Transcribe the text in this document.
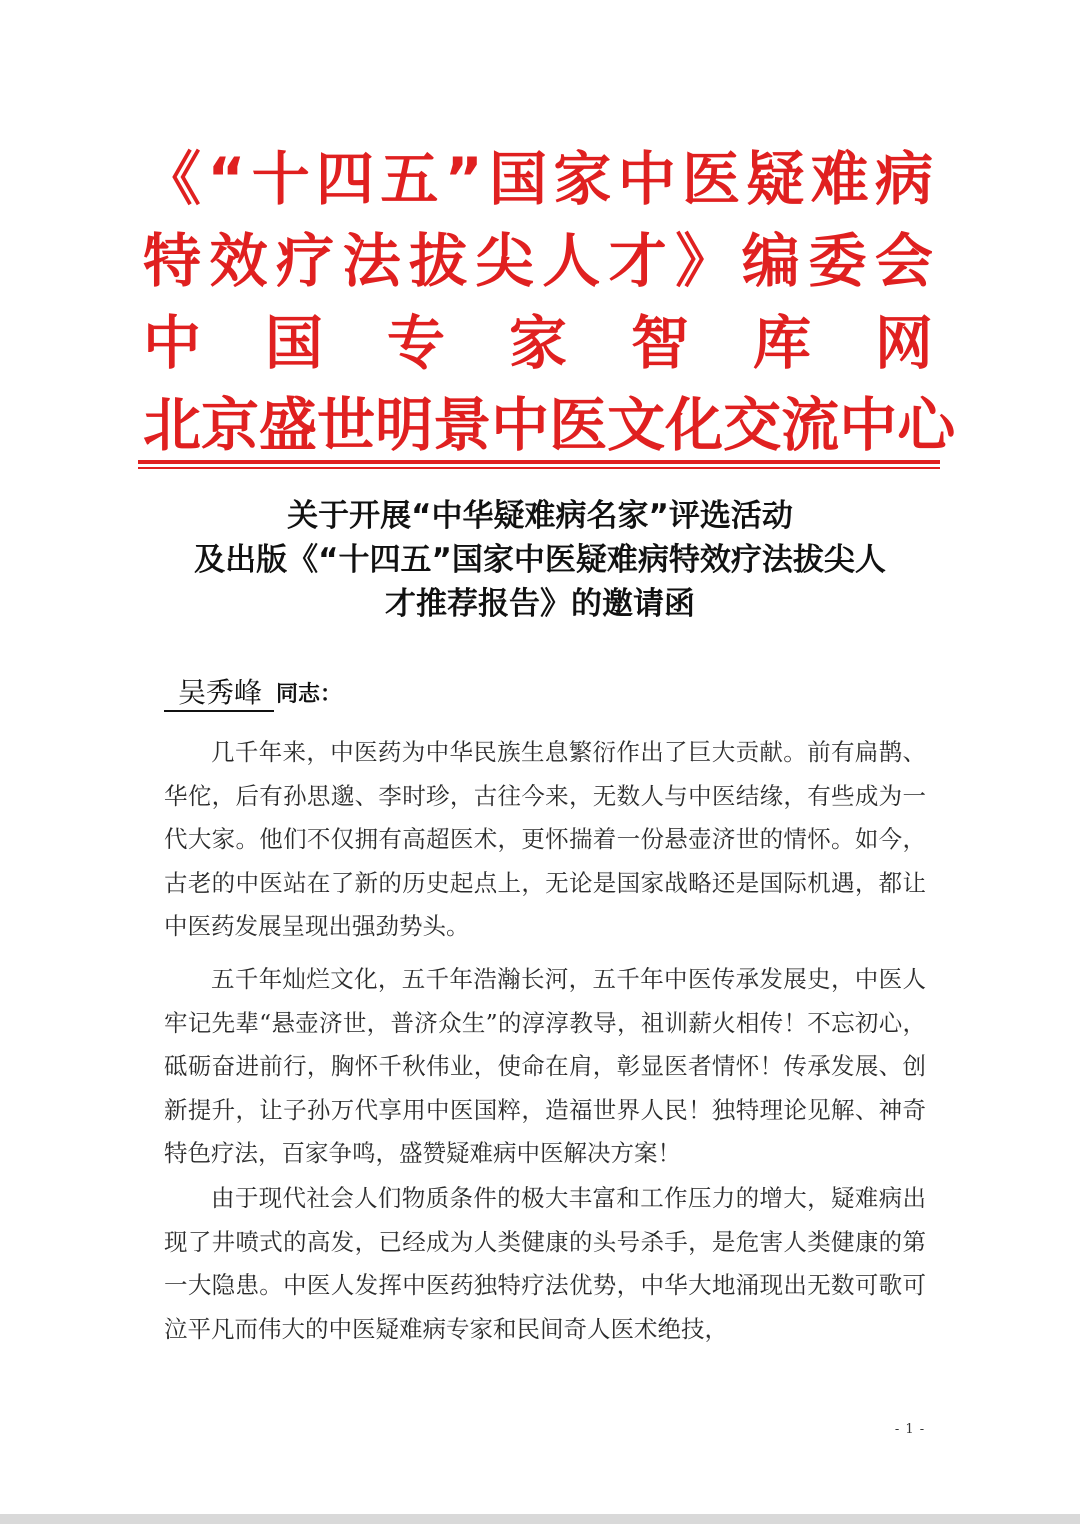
《 “ 十 四 五 ” 国 家 中 医 疑 难 病
特 效 疗 法 拔 尖 人 才 》 编 委 会
中 国 专 家 智 库 网
北 京 盛 世 明 景 中 医 文 化 交 流 中 心
关于开展“中华疑难病名家”评选活动
及出版《“十四五”国家中医疑难病特效疗法拔尖人
才推荐报告》的邀请函
吴秀峰 同志：

几千年来，中医药为中华民族生息繁衍作出了巨大贡献。前有扁鹊、华佗，后有孙思邈、李时珍，古往今来，无数人与中医结缘，有些成为一代大家。他们不仅拥有高超医术，更怀揣着一份悬壶济世的情怀。如今，古老的中医站在了新的历史起点上，无论是国家战略还是国际机遇，都让中医药发展呈现出强劲势头。

五千年灿烂文化，五千年浩瀚长河，五千年中医传承发展史，中医人牢记先辈“悬壶济世，普济众生”的淳淳教导，祖训薪火相传！不忘初心，砥砺奋进前行，胸怀千秋伟业，使命在肩，彰显医者情怀！传承发展、创新提升，让子孙万代享用中医国粹，造福世界人民！独特理论见解、神奇特色疗法，百家争鸣，盛赞疑难病中医解决方案！

由于现代社会人们物质条件的极大丰富和工作压力的增大，疑难病出现了井喷式的高发，已经成为人类健康的头号杀手，是危害人类健康的第一大隐患。中医人发挥中医药独特疗法优势，中华大地涌现出无数可歌可泣平凡而伟大的中医疑难病专家和民间奇人医术绝技，

- 1 -
